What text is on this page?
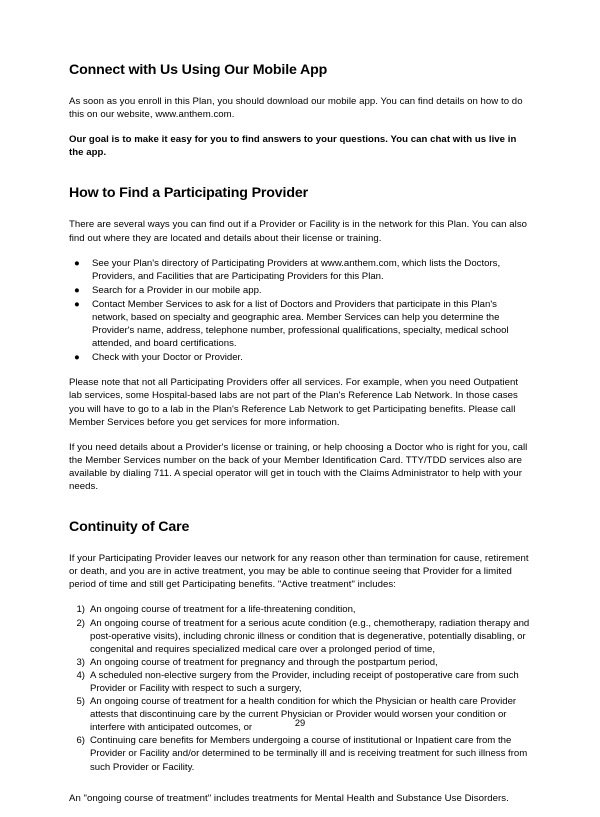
Connect with Us Using Our Mobile App

As soon as you enroll in this Plan, you should download our mobile app. You can find details on how to do this on our website, www.anthem.com.

Our goal is to make it easy for you to find answers to your questions. You can chat with us live in the app.

How to Find a Participating Provider

There are several ways you can find out if a Provider or Facility is in the network for this Plan. You can also find out where they are located and details about their license or training.

● See your Plan's directory of Participating Providers at www.anthem.com, which lists the Doctors, Providers, and Facilities that are Participating Providers for this Plan.
● Search for a Provider in our mobile app.
● Contact Member Services to ask for a list of Doctors and Providers that participate in this Plan's network, based on specialty and geographic area. Member Services can help you determine the Provider's name, address, telephone number, professional qualifications, specialty, medical school attended, and board certifications.
● Check with your Doctor or Provider.

Please note that not all Participating Providers offer all services. For example, when you need Outpatient lab services, some Hospital-based labs are not part of the Plan's Reference Lab Network. In those cases you will have to go to a lab in the Plan's Reference Lab Network to get Participating benefits. Please call Member Services before you get services for more information.

If you need details about a Provider's license or training, or help choosing a Doctor who is right for you, call the Member Services number on the back of your Member Identification Card. TTY/TDD services also are available by dialing 711. A special operator will get in touch with the Claims Administrator to help with your needs.

Continuity of Care

If your Participating Provider leaves our network for any reason other than termination for cause, retirement or death, and you are in active treatment, you may be able to continue seeing that Provider for a limited period of time and still get Participating benefits. "Active treatment" includes:

1) An ongoing course of treatment for a life-threatening condition,
2) An ongoing course of treatment for a serious acute condition (e.g., chemotherapy, radiation therapy and post-operative visits), including chronic illness or condition that is degenerative, potentially disabling, or congenital and requires specialized medical care over a prolonged period of time,
3) An ongoing course of treatment for pregnancy and through the postpartum period,
4) A scheduled non-elective surgery from the Provider, including receipt of postoperative care from such Provider or Facility with respect to such a surgery,
5) An ongoing course of treatment for a health condition for which the Physician or health care Provider attests that discontinuing care by the current Physician or Provider would worsen your condition or interfere with anticipated outcomes, or
6) Continuing care benefits for Members undergoing a course of institutional or Inpatient care from the Provider or Facility and/or determined to be terminally ill and is receiving treatment for such illness from such Provider or Facility.

An "ongoing course of treatment" includes treatments for Mental Health and Substance Use Disorders.

29
